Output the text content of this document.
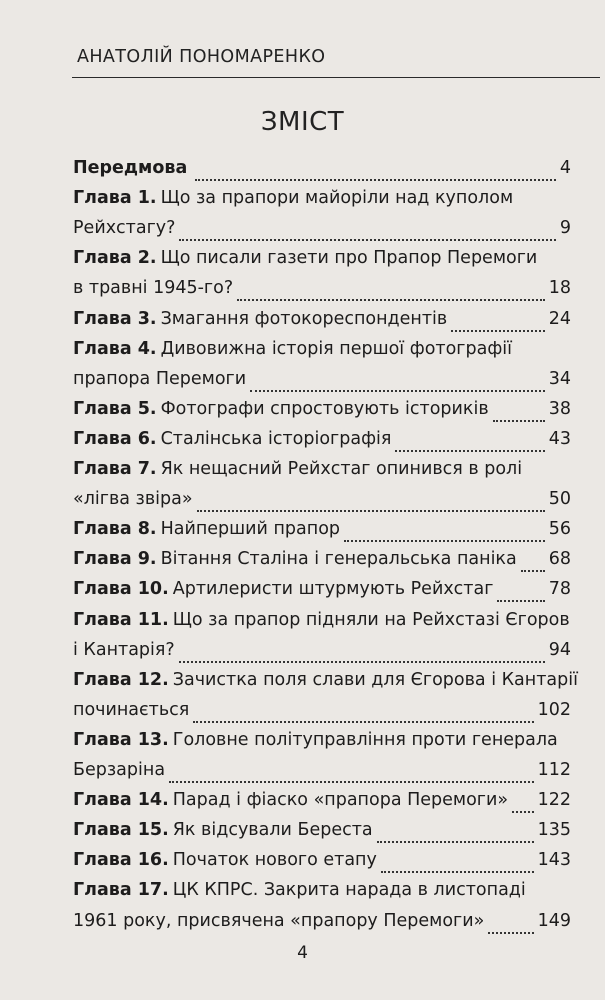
АНАТОЛІЙ ПОНОМАРЕНКО
ЗМІСТ
Передмова	4
Глава 1. Що за прапори майоріли над куполом
Рейхстагу?	9
Глава 2. Що писали газети про Прапор Перемоги
в травні 1945-го?	18
Глава 3. Змагання фотокореспондентів	24
Глава 4. Дивовижна історія першої фотографії
прапора Перемоги	34
Глава 5. Фотографи спростовують істориків	38
Глава 6. Сталінська історіографія	43
Глава 7. Як нещасний Рейхстаг опинився в ролі
«лігва звіра»	50
Глава 8. Найперший прапор	56
Глава 9. Вітання Сталіна і генеральська паніка 68
Глава 10. Артилеристи штурмують Рейхстаг	78
Глава 11. Що за прапор підняли на Рейхстазі Єгоров
і Кантарія?	94
Глава 12. Зачистка поля слави для Єгорова і Кантарії
починається	102
Глава 13. Головне політуправління проти генерала
Берзаріна	112
Глава 14. Парад і фіаско «прапора Перемоги» 122
Глава 15. Як відсували Береста	135
Глава 16. Початок нового етапу	143
Глава 17. ЦК КПРС. Закрита нарада в листопаді
1961 року, присвячена «прапору Перемоги»	149
4
